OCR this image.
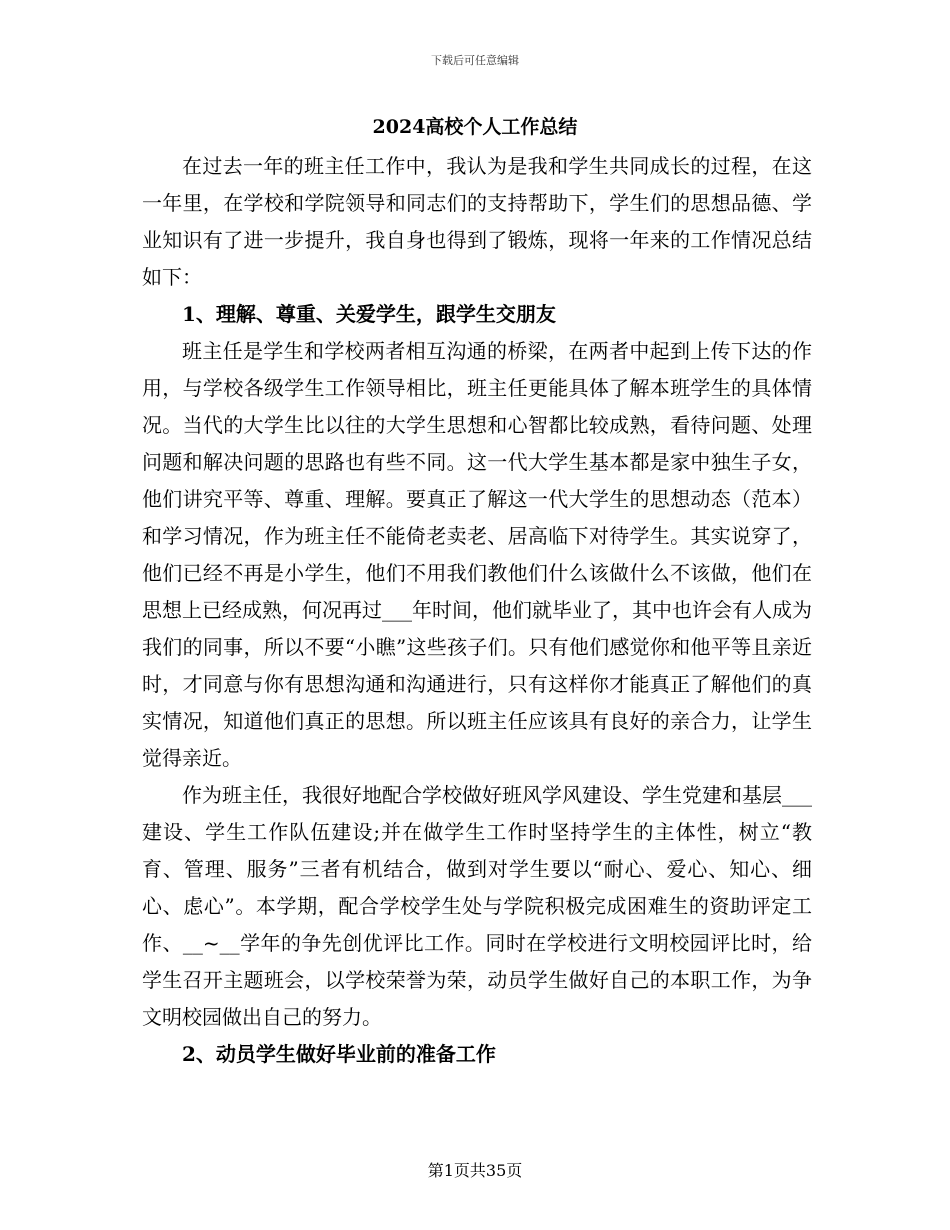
下载后可任意编辑
2024高校个人工作总结

在过去一年的班主任工作中，我认为是我和学生共同成长的过程，在这一年里，在学校和学院领导和同志们的支持帮助下，学生们的思想品德、学业知识有了进一步提升，我自身也得到了锻炼，现将一年来的工作情况总结如下：

1、理解、尊重、关爱学生，跟学生交朋友

班主任是学生和学校两者相互沟通的桥梁，在两者中起到上传下达的作用，与学校各级学生工作领导相比，班主任更能具体了解本班学生的具体情况。当代的大学生比以往的大学生思想和心智都比较成熟，看待问题、处理问题和解决问题的思路也有些不同。这一代大学生基本都是家中独生子女，他们讲究平等、尊重、理解。要真正了解这一代大学生的思想动态（范本）和学习情况，作为班主任不能倚老卖老、居高临下对待学生。其实说穿了，他们已经不再是小学生，他们不用我们教他们什么该做什么不该做，他们在思想上已经成熟，何况再过___年时间，他们就毕业了，其中也许会有人成为我们的同事，所以不要“小瞧”这些孩子们。只有他们感觉你和他平等且亲近时，才同意与你有思想沟通和沟通进行，只有这样你才能真正了解他们的真实情况，知道他们真正的思想。所以班主任应该具有良好的亲合力，让学生觉得亲近。

作为班主任，我很好地配合学校做好班风学风建设、学生党建和基层___建设、学生工作队伍建设;并在做学生工作时坚持学生的主体性，树立“教育、管理、服务”三者有机结合，做到对学生要以“耐心、爱心、知心、细心、虑心”。本学期，配合学校学生处与学院积极完成困难生的资助评定工作、__~__学年的争先创优评比工作。同时在学校进行文明校园评比时，给学生召开主题班会，以学校荣誉为荣，动员学生做好自己的本职工作，为争文明校园做出自己的努力。

2、动员学生做好毕业前的准备工作
第1页共35页
